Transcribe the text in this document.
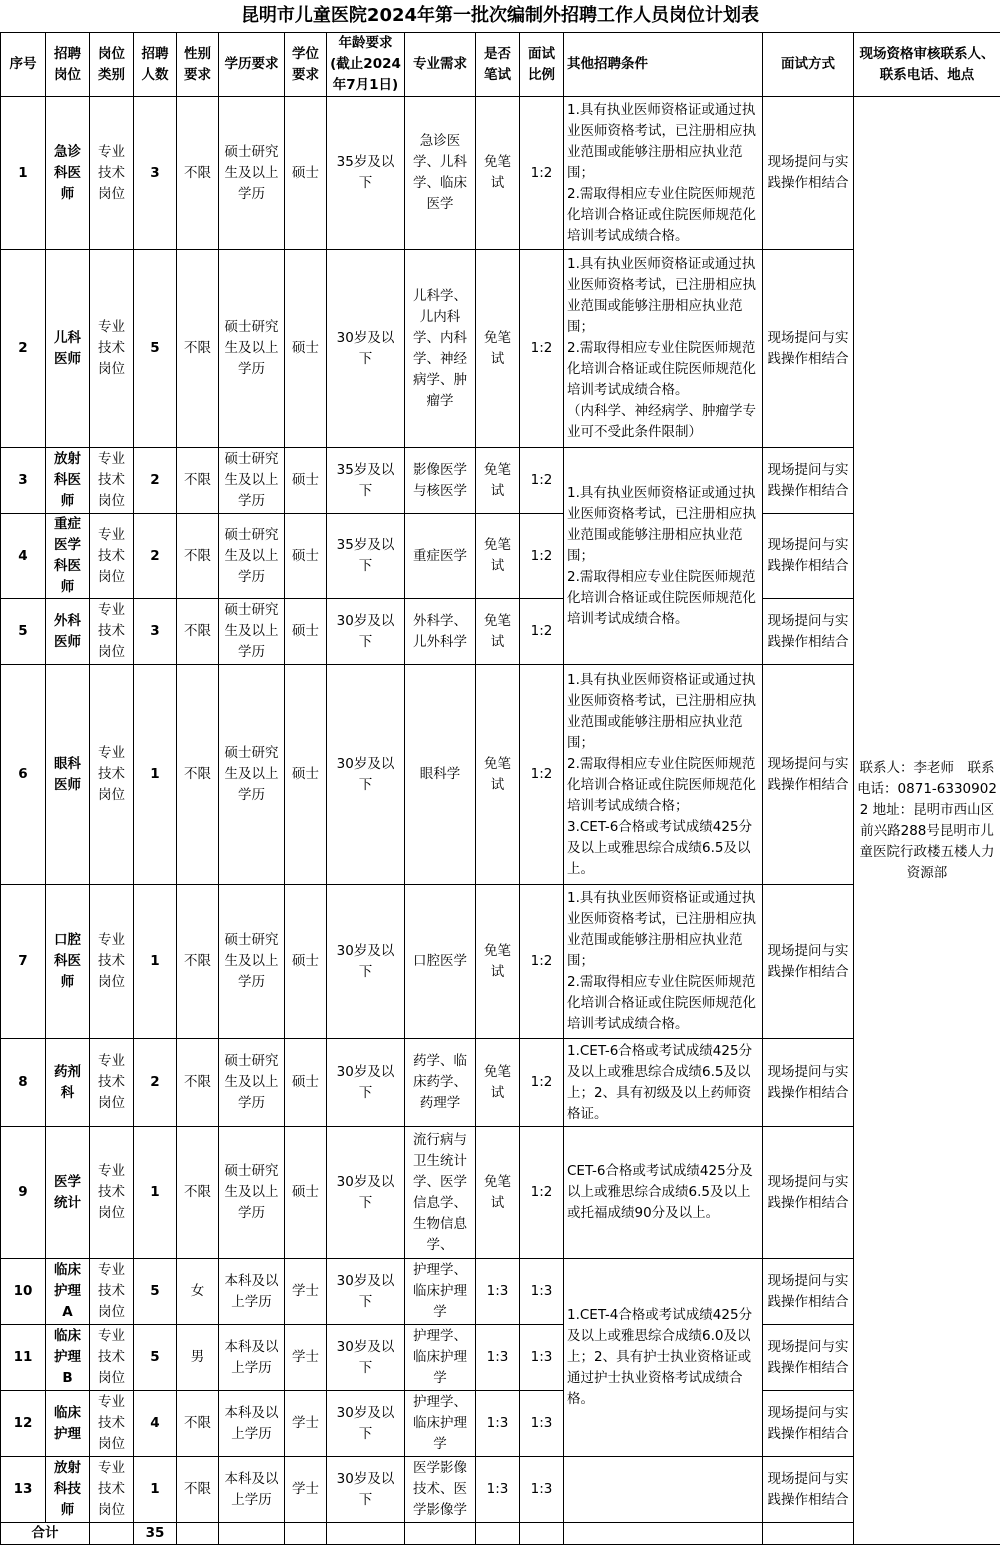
昆明市儿童医院2024年第一批次编制外招聘工作人员岗位计划表
序号	招聘岗位	岗位类别	招聘人数	性别要求	学历要求	学位要求	年龄要求(截止2024年7月1日)	专业需求	是否笔试	面试比例	其他招聘条件	面试方式	现场资格审核联系人、联系电话、地点
1	急诊科医师	专业技术岗位	3	不限	硕士研究生及以上学历	硕士	35岁及以下	急诊医学、儿科学、临床医学	免笔试	1:2	1.具有执业医师资格证或通过执业医师资格考试，已注册相应执业范围或能够注册相应执业范围；
2.需取得相应专业住院医师规范化培训合格证或住院医师规范化培训考试成绩合格。	现场提问与实践操作相结合	联系人：李老师　联系电话：0871-63309022 地址：昆明市西山区前兴路288号昆明市儿童医院行政楼五楼人力资源部
2	儿科医师	专业技术岗位	5	不限	硕士研究生及以上学历	硕士	30岁及以下	儿科学、儿内科学、内科学、神经病学、肿瘤学	免笔试	1:2	1.具有执业医师资格证或通过执业医师资格考试，已注册相应执业范围或能够注册相应执业范围；
2.需取得相应专业住院医师规范化培训合格证或住院医师规范化培训考试成绩合格。
（内科学、神经病学、肿瘤学专业可不受此条件限制）	现场提问与实践操作相结合	
3	放射科医师	专业技术岗位	2	不限	硕士研究生及以上学历	硕士	35岁及以下	影像医学与核医学	免笔试	1:2	1.具有执业医师资格证或通过执业医师资格考试，已注册相应执业范围或能够注册相应执业范围；
2.需取得相应专业住院医师规范化培训合格证或住院医师规范化培训考试成绩合格。	现场提问与实践操作相结合	
4	重症医学科医师	专业技术岗位	2	不限	硕士研究生及以上学历	硕士	35岁及以下	重症医学	免笔试	1:2		现场提问与实践操作相结合	
5	外科医师	专业技术岗位	3	不限	硕士研究生及以上学历	硕士	30岁及以下	外科学、儿外科学	免笔试	1:2		现场提问与实践操作相结合	
6	眼科医师	专业技术岗位	1	不限	硕士研究生及以上学历	硕士	30岁及以下	眼科学	免笔试	1:2	1.具有执业医师资格证或通过执业医师资格考试，已注册相应执业范围或能够注册相应执业范围；
2.需取得相应专业住院医师规范化培训合格证或住院医师规范化培训考试成绩合格；
3.CET-6合格或考试成绩425分及以上或雅思综合成绩6.5及以上。	现场提问与实践操作相结合	
7	口腔科医师	专业技术岗位	1	不限	硕士研究生及以上学历	硕士	30岁及以下	口腔医学	免笔试	1:2	1.具有执业医师资格证或通过执业医师资格考试，已注册相应执业范围或能够注册相应执业范围；
2.需取得相应专业住院医师规范化培训合格证或住院医师规范化培训考试成绩合格。	现场提问与实践操作相结合	
8	药剂科	专业技术岗位	2	不限	硕士研究生及以上学历	硕士	30岁及以下	药学、临床药学、药理学	免笔试	1:2	1.CET-6合格或考试成绩425分及以上或雅思综合成绩6.5及以上；2、具有初级及以上药师资格证。	现场提问与实践操作相结合	
9	医学统计	专业技术岗位	1	不限	硕士研究生及以上学历	硕士	30岁及以下	流行病与卫生统计学、医学信息学、生物信息学、	免笔试	1:2	CET-6合格或考试成绩425分及以上或雅思综合成绩6.5及以上或托福成绩90分及以上。	现场提问与实践操作相结合	
10	临床护理A	专业技术岗位	5	女	本科及以上学历	学士	30岁及以下	护理学、临床护理学	1:3	1:3	1.CET-4合格或考试成绩425分及以上或雅思综合成绩6.0及以上；2、具有护士执业资格证或通过护士执业资格考试成绩合格。	现场提问与实践操作相结合	
11	临床护理B	专业技术岗位	5	男	本科及以上学历	学士	30岁及以下	护理学、临床护理学	1:3	1:3		现场提问与实践操作相结合	
12	临床护理	专业技术岗位	4	不限	本科及以上学历	学士	30岁及以下	护理学、临床护理学	1:3	1:3		现场提问与实践操作相结合	
13	放射科技师	专业技术岗位	1	不限	本科及以上学历	学士	30岁及以下	医学影像技术、医学影像学	1:3	1:3		现场提问与实践操作相结合	
合计			35										
